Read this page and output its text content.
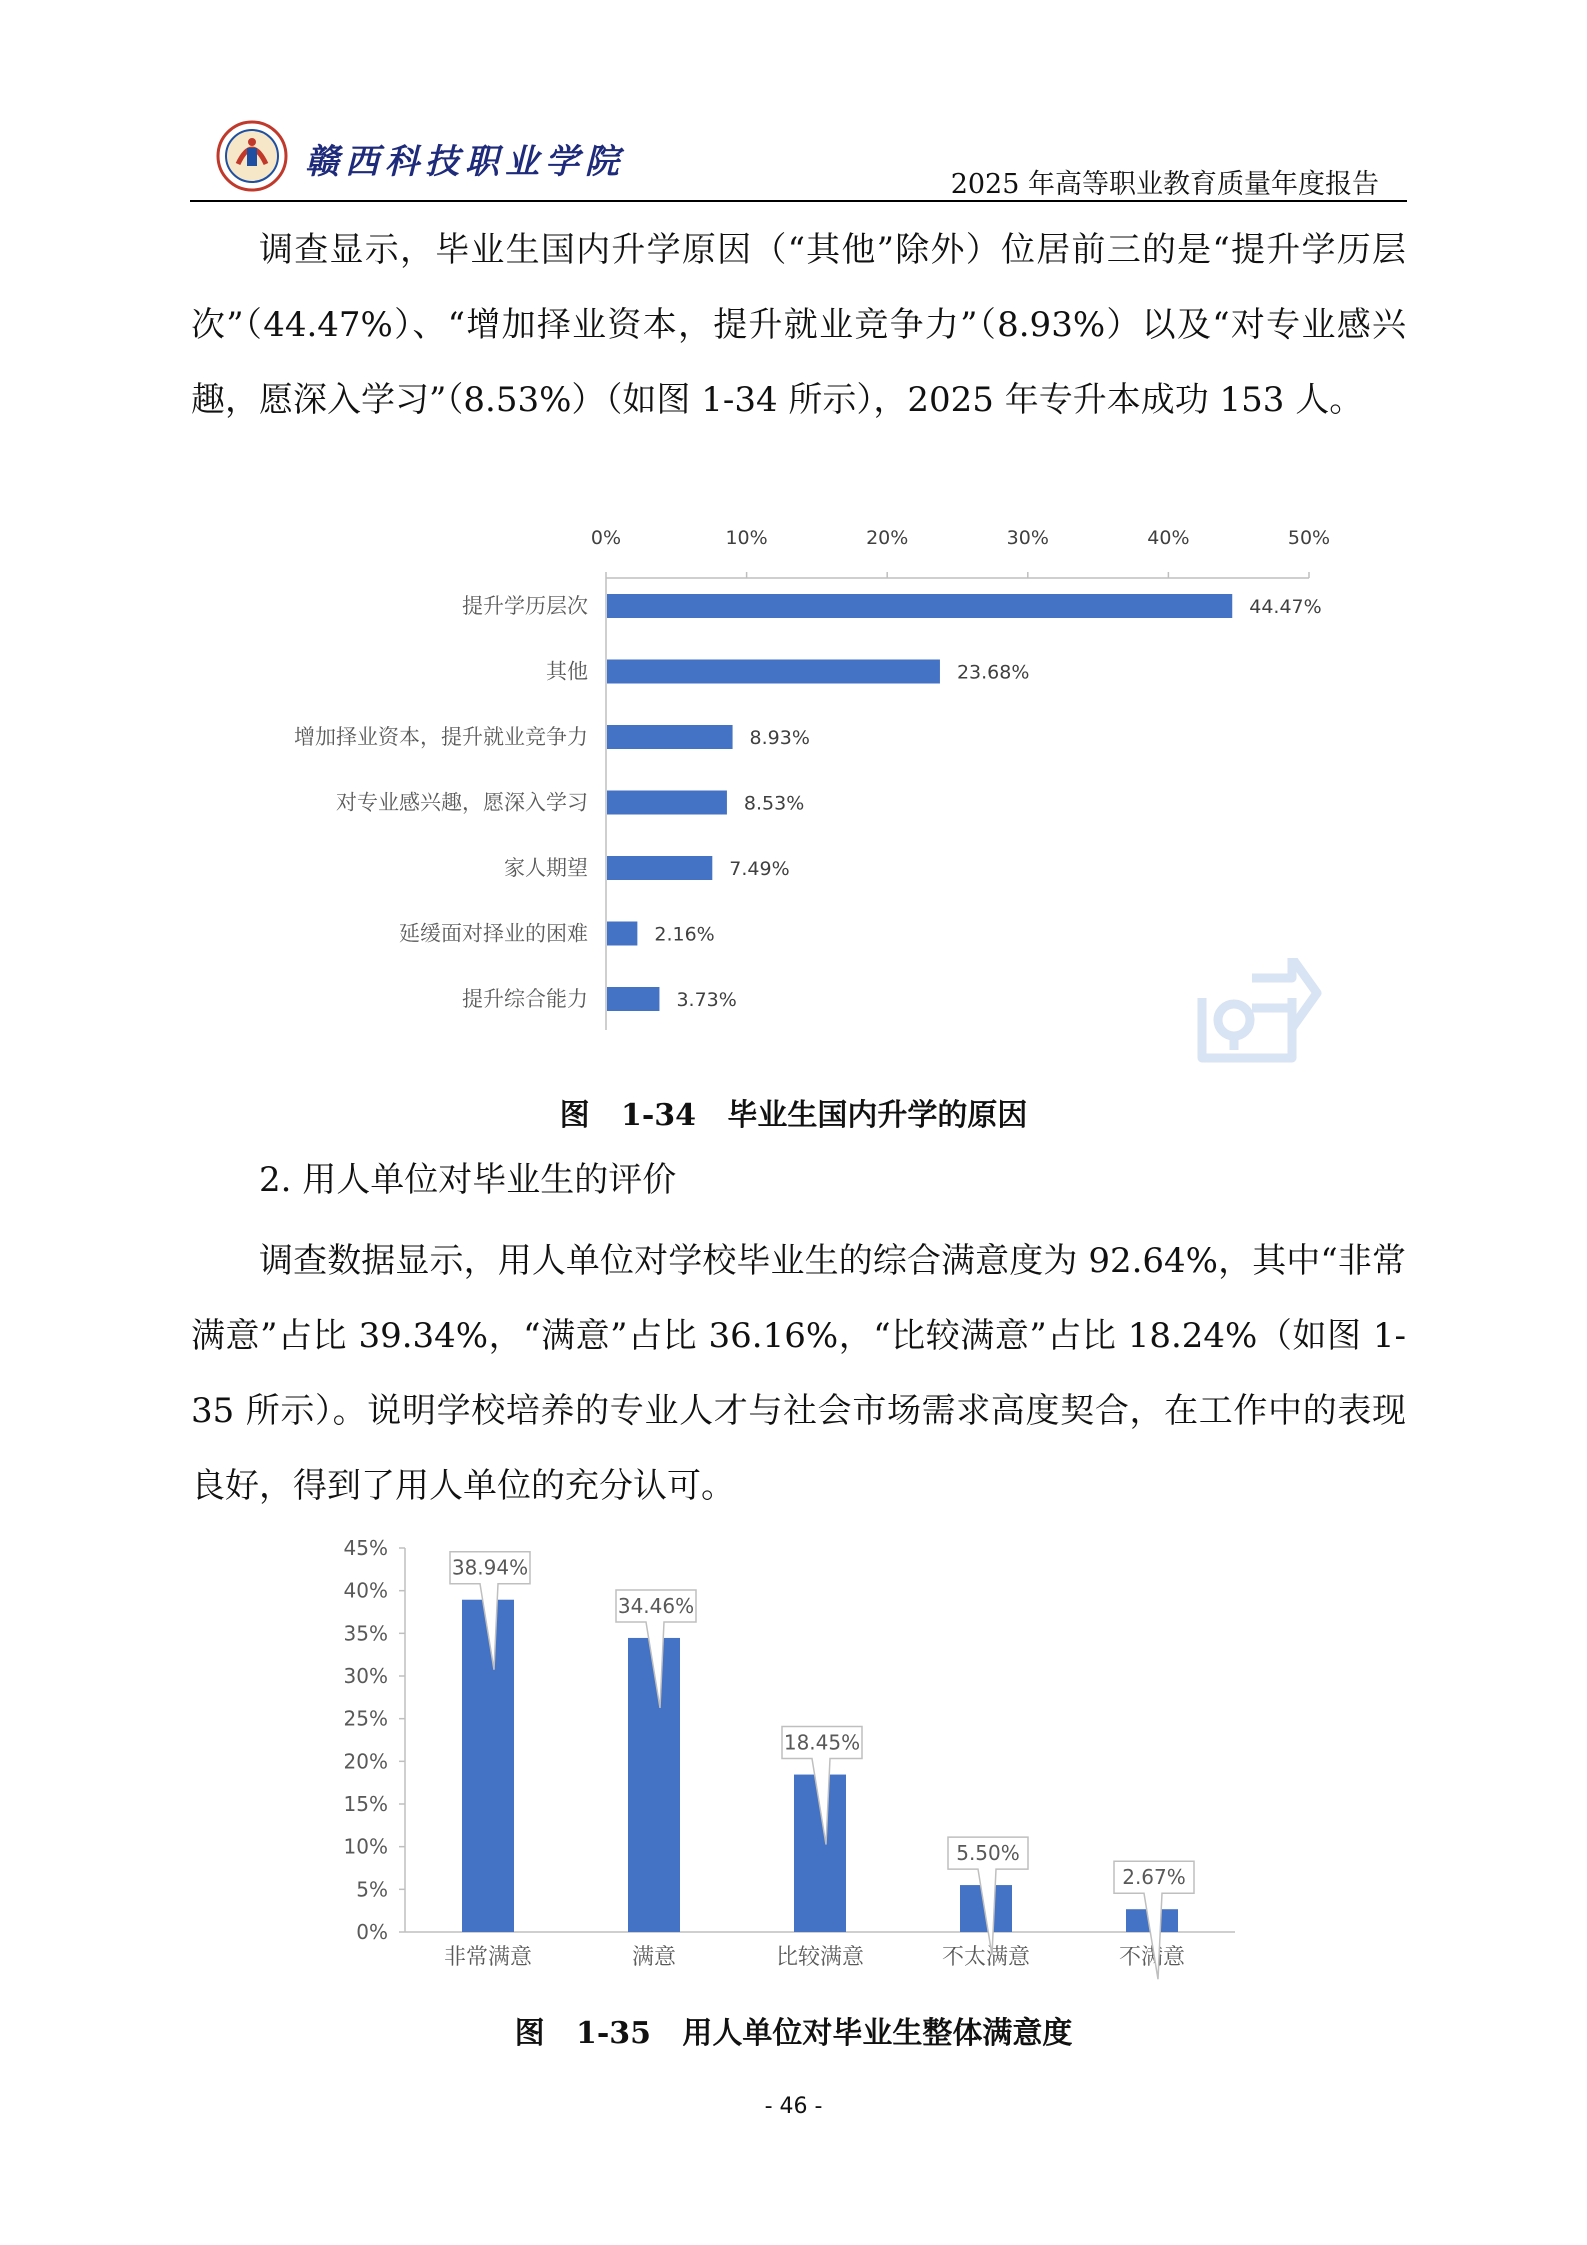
赣西科技职业学院
2025 年高等职业教育质量年度报告

调查显示，毕业生国内升学原因（“其他”除外）位居前三的是“提升学历层次”（44.47%）、“增加择业资本，提升就业竞争力”（8.93%）以及“对专业感兴趣，愿深入学习”（8.53%）（如图 1-34 所示），2025 年专升本成功 153 人。

0%	10%	20%	30%	40%	50%
提升学历层次	44.47%
其他	23.68%
增加择业资本，提升就业竞争力	8.93%
对专业感兴趣，愿深入学习	8.53%
家人期望	7.49%
延缓面对择业的困难	2.16%
提升综合能力	3.73%
图   1-34   毕业生国内升学的原因
2. 用人单位对毕业生的评价

调查数据显示，用人单位对学校毕业生的综合满意度为 92.64%，其中“非常满意”占比 39.34%，“满意”占比 36.16%，“比较满意”占比 18.24%（如图 1-35 所示）。说明学校培养的专业人才与社会市场需求高度契合，在工作中的表现良好，得到了用人单位的充分认可。

0%
5%
10%
15%
20%
25%
30%
35%
40%
45%
非常满意
38.94%
满意
34.46%
比较满意
18.45%
不太满意
5.50%
不满意
2.67%
图   1-35   用人单位对毕业生整体满意度
- 46 -
